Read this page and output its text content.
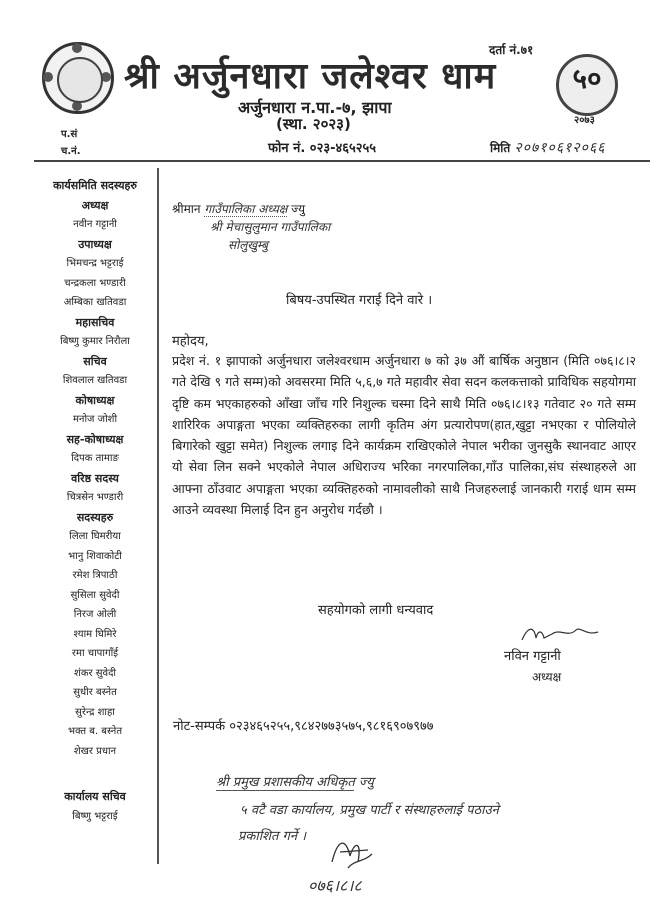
श्री अर्जुनधारा जलेश्वर धाम
दर्ता नं.७१
५०
२०७३
अर्जुनधारा न.पा.-७, झापा
(स्था. २०२३)
फोन नं. ०२३-४६५२५५	मिति २०७१०६१२०६६
प.सं
च.नं.
कार्यसमिति सदस्यहरु
अध्यक्ष
नवीन गट्टानी
उपाध्यक्ष
भिमचन्द्र भट्टराई
चन्द्रकला भण्डारी
अम्बिका खतिवडा
महासचिव
बिष्णु कुमार निरौला
सचिव
शिवलाल खतिवडा
कोषाध्यक्ष
मनोज जोशी
सह-कोषाध्यक्ष
दिपक तामाङ
वरिष्ठ सदस्य
चित्रसेन भण्डारी
सदस्यहरु
लिला घिमरीया
भानु शिवाकोटी
रमेश त्रिपाठी
सुसिला सुवेदी
निरज ओली
श्याम घिमिरे
रमा चापागाँई
शंकर सुवेदी
सुधीर बस्नेत
सुरेन्द्र शाहा
भक्त ब. बस्नेत
शेखर प्रधान
कार्यालय सचिव
बिष्णु भट्टराई
श्रीमान गाउँपालिका अध्यक्ष ज्यु
श्री मेचासुलुमान गाउँपालिका
सोलुखुम्बु
बिषय-उपस्थित गराई दिने वारे ।
महोदय,
प्रदेश नं. १ झापाको अर्जुनधारा जलेश्वरधाम अर्जुनधारा ७ को ३७ औं बार्षिक अनुष्ठान (मिति ०७६।८।२ गते देखि ९ गते सम्म)को अवसरमा मिति ५,६,७ गते महावीर सेवा सदन कलकत्ताको प्राविधिक सहयोगमा दृष्टि कम भएकाहरुको आँखा जाँच गरि निशुल्क चस्मा दिने साथै मिति ०७६।८।१३ गतेवाट २० गते सम्म शारिरिक अपाङ्गता भएका व्यक्तिहरुका लागी कृतिम अंग प्रत्यारोपण(हात,खुट्टा नभएका र पोलियोले बिगारेको खुट्टा समेत) निशुल्क लगाइ दिने कार्यक्रम राखिएकोले नेपाल भरीका जुनसुकै स्थानवाट आएर यो सेवा लिन सक्ने भएकोले नेपाल अधिराज्य भरिका नगरपालिका,गाँउ पालिका,संघ संस्थाहरुले आ आफ्ना ठाँउवाट अपाङ्गता भएका व्यक्तिहरुको नामावलीको साथै निजहरुलाई जानकारी गराई धाम सम्म आउने व्यवस्था मिलाई दिन हुन अनुरोध गर्दछौ ।
सहयोगको लागी धन्यवाद
नविन गट्टानी
अध्यक्ष
नोट-सम्पर्क ०२३४६५२५५,९८४२७७३५७५,९८१६९०७९७७
श्री प्रमुख प्रशासकीय अधिकृत ज्यु
५ वटै वडा कार्यालय, प्रमुख पार्टी र संस्थाहरुलाई पठाउने
प्रकाशित गर्ने ।
०७६।८।८
